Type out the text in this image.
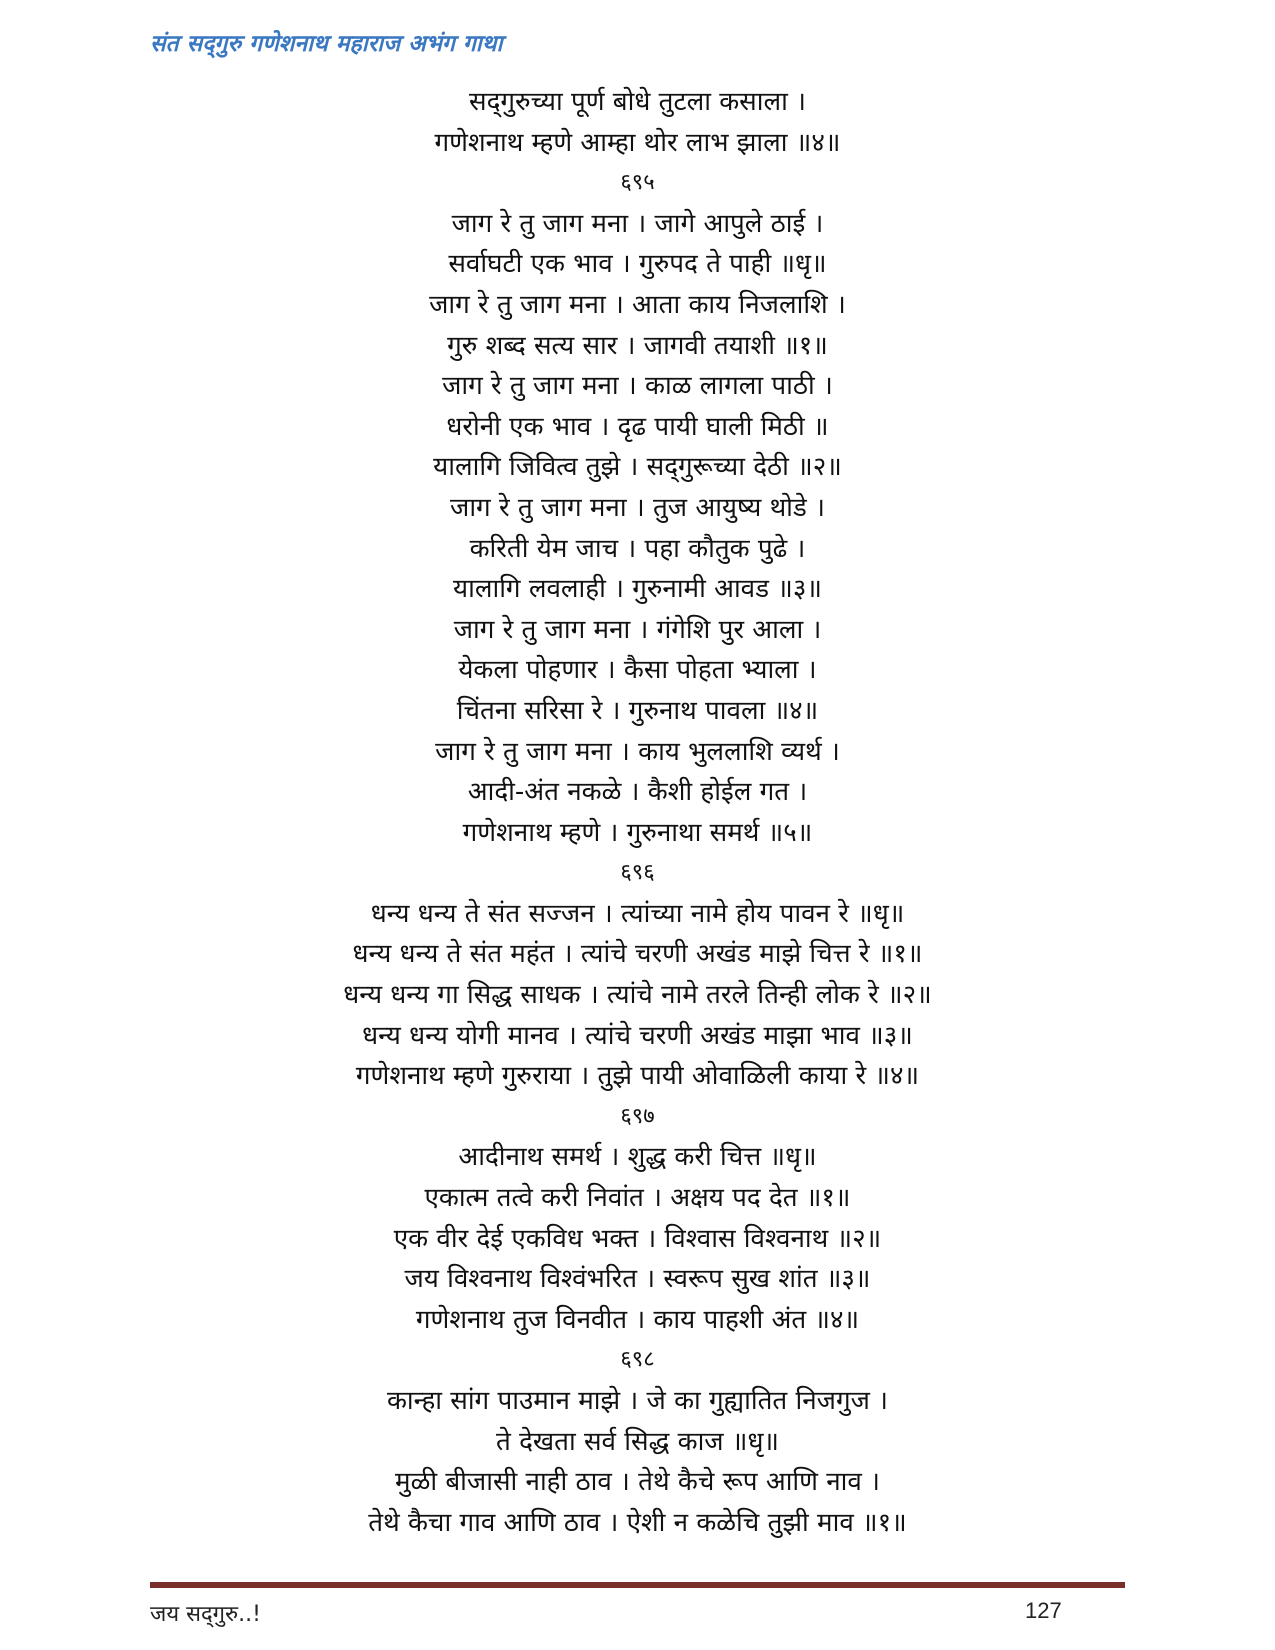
संत सद्‌गुरु गणेशनाथ महाराज अभंग गाथा
सद्‌गुरुच्या पूर्ण बोधे तुटला कसाला ।
गणेशनाथ म्हणे आम्हा थोर लाभ झाला ॥४॥
६९५
जाग रे तु जाग मना । जागे आपुले ठाई ।
सर्वाघटी एक भाव । गुरुपद ते पाही ॥धृ॥
जाग रे तु जाग मना । आता काय निजलाशि ।
गुरु शब्द सत्य सार । जागवी तयाशी ॥१॥
जाग रे तु जाग मना । काळ लागला पाठी ।
धरोनी एक भाव । दृढ पायी घाली मिठी ॥
यालागि जिवित्व तुझे । सद्‌गुरूच्या देठी ॥२॥
जाग रे तु जाग मना । तुज आयुष्य थोडे ।
करिती येम जाच । पहा कौतुक पुढे ।
यालागि लवलाही । गुरुनामी आवड ॥३॥
जाग रे तु जाग मना । गंगेशि पुर आला ।
येकला पोहणार । कैसा पोहता भ्याला ।
चिंतना सरिसा रे । गुरुनाथ पावला ॥४॥
जाग रे तु जाग मना । काय भुललाशि व्यर्थ ।
आदी-अंत नकळे । कैशी होईल गत ।
गणेशनाथ म्हणे । गुरुनाथा समर्थ ॥५॥
६९६
धन्य धन्य ते संत सज्जन । त्यांच्या नामे होय पावन रे ॥धृ॥
धन्य धन्य ते संत महंत । त्यांचे चरणी अखंड माझे चित्त रे ॥१॥
धन्य धन्य गा सिद्ध साधक । त्यांचे नामे तरले तिन्ही लोक रे ॥२॥
धन्य धन्य योगी मानव । त्यांचे चरणी अखंड माझा भाव ॥३॥
गणेशनाथ म्हणे गुरुराया । तुझे पायी ओवाळिली काया रे ॥४॥
६९७
आदीनाथ समर्थ । शुद्ध करी चित्त ॥धृ॥
एकात्म तत्वे करी निवांत । अक्षय पद देत ॥१॥
एक वीर देई एकविध भक्त । विश्वास विश्वनाथ ॥२॥
जय विश्वनाथ विश्वंभरित । स्वरूप सुख शांत ॥३॥
गणेशनाथ तुज विनवीत । काय पाहशी अंत ॥४॥
६९८
कान्हा सांग पाउमान माझे । जे का गुह्यातित निजगुज ।
ते देखता सर्व सिद्ध काज ॥धृ॥
मुळी बीजासी नाही ठाव । तेथे कैचे रूप आणि नाव ।
तेथे कैचा गाव आणि ठाव । ऐशी न कळेचि तुझी माव ॥१॥
जय सद्‌गुरु..!	127
